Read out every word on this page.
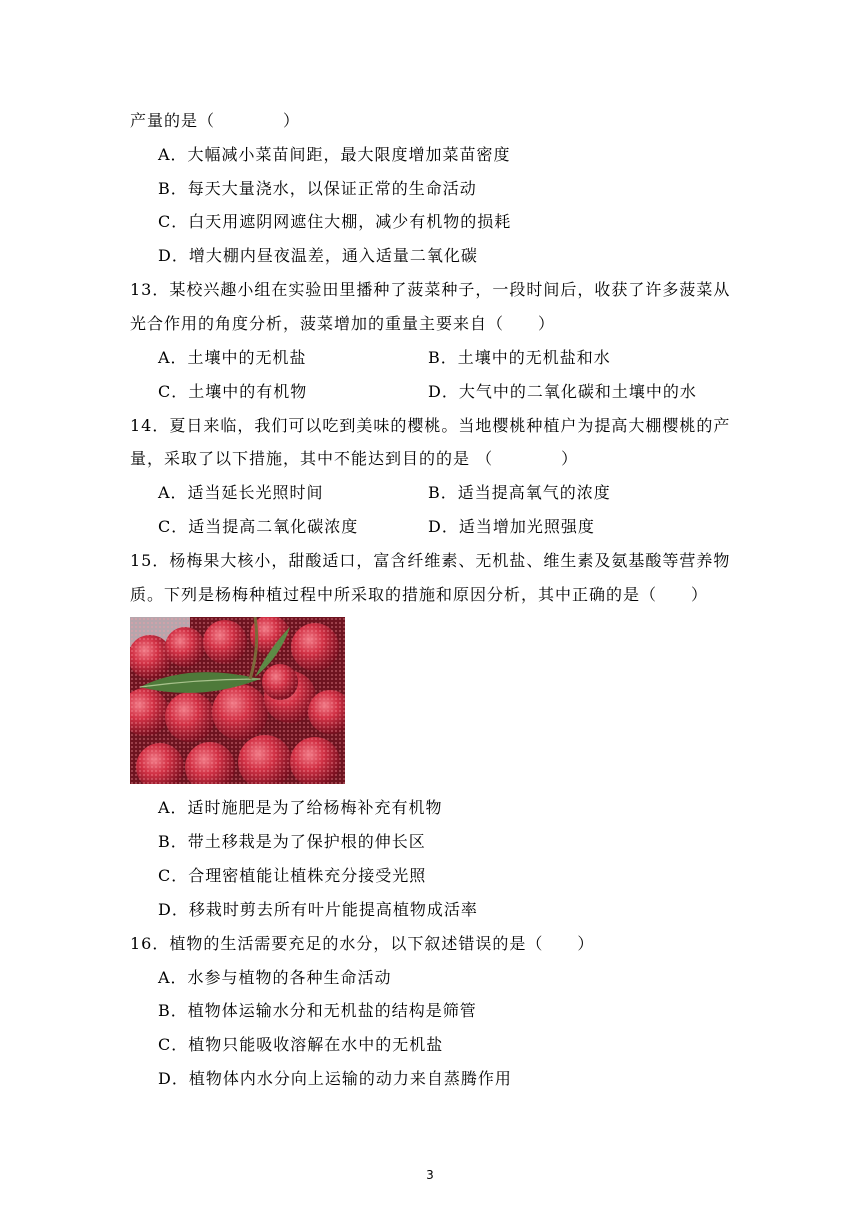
产量的是（　　　　）
A．大幅减小菜苗间距，最大限度增加菜苗密度
B．每天大量浇水，以保证正常的生命活动
C．白天用遮阴网遮住大棚，减少有机物的损耗
D．增大棚内昼夜温差，通入适量二氧化碳
13．某校兴趣小组在实验田里播种了菠菜种子，一段时间后，收获了许多菠菜从
光合作用的角度分析，菠菜增加的重量主要来自（　　）
A．土壤中的无机盐	B．土壤中的无机盐和水
C．土壤中的有机物	D．大气中的二氧化碳和土壤中的水
14．夏日来临，我们可以吃到美味的樱桃。当地樱桃种植户为提高大棚樱桃的产
量，采取了以下措施，其中不能达到目的的是 （　　　　）
A．适当延长光照时间	B．适当提高氧气的浓度
C．适当提高二氧化碳浓度	D．适当增加光照强度
15．杨梅果大核小，甜酸适口，富含纤维素、无机盐、维生素及氨基酸等营养物
质。下列是杨梅种植过程中所采取的措施和原因分析，其中正确的是（　　）
A．适时施肥是为了给杨梅补充有机物
B．带土移栽是为了保护根的伸长区
C．合理密植能让植株充分接受光照
D．移栽时剪去所有叶片能提高植物成活率
16．植物的生活需要充足的水分，以下叙述错误的是（　　）
A．水参与植物的各种生命活动
B．植物体运输水分和无机盐的结构是筛管
C．植物只能吸收溶解在水中的无机盐
D．植物体内水分向上运输的动力来自蒸腾作用
3
